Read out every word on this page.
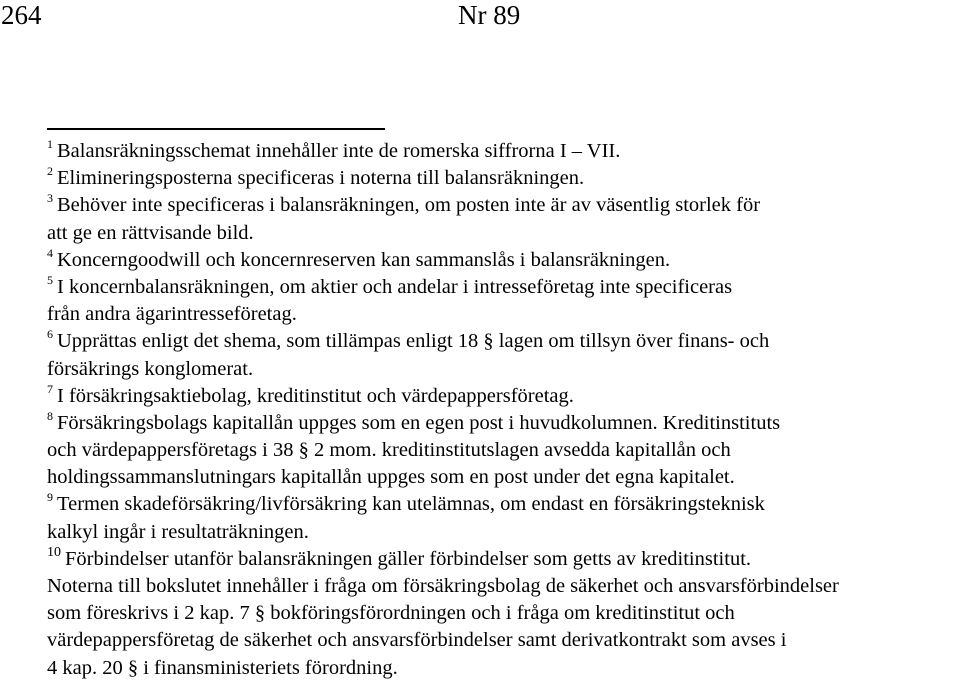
264	Nr 89
$^1$ Balansräkningsschemat innehåller inte de romerska siffrorna I – VII.
$^2$ Elimineringsposterna specificeras i noterna till balansräkningen.
$^3$ Behöver inte specificeras i balansräkningen, om posten inte är av väsentlig storlek för
att ge en rättvisande bild.
$^4$ Koncerngoodwill och koncernreserven kan sammanslås i balansräkningen.
$^5$ I koncernbalansräkningen, om aktier och andelar i intresseföretag inte specificeras
från andra ägarintresseföretag.
$^6$ Upprättas enligt det shema, som tillämpas enligt 18 § lagen om tillsyn över finans- och
försäkrings konglomerat.
$^7$ I försäkringsaktiebolag, kreditinstitut och värdepappersföretag.
$^8$ Försäkringsbolags kapitallån uppges som en egen post i huvudkolumnen. Kreditinstituts
och värdepappersföretags i 38 § 2 mom. kreditinstitutslagen avsedda kapitallån och
holdingssammanslutningars kapitallån uppges som en post under det egna kapitalet.
$^9$ Termen skadeförsäkring/livförsäkring kan utelämnas, om endast en försäkringsteknisk
kalkyl ingår i resultaträkningen.
$^{10}$ Förbindelser utanför balansräkningen gäller förbindelser som getts av kreditinstitut.
Noterna till bokslutet innehåller i fråga om försäkringsbolag de säkerhet och ansvarsförbindelser
som föreskrivs i 2 kap. 7 § bokföringsförordningen och i fråga om kreditinstitut och
värdepappersföretag de säkerhet och ansvarsförbindelser samt derivatkontrakt som avses i
4 kap. 20 § i finansministeriets förordning.
